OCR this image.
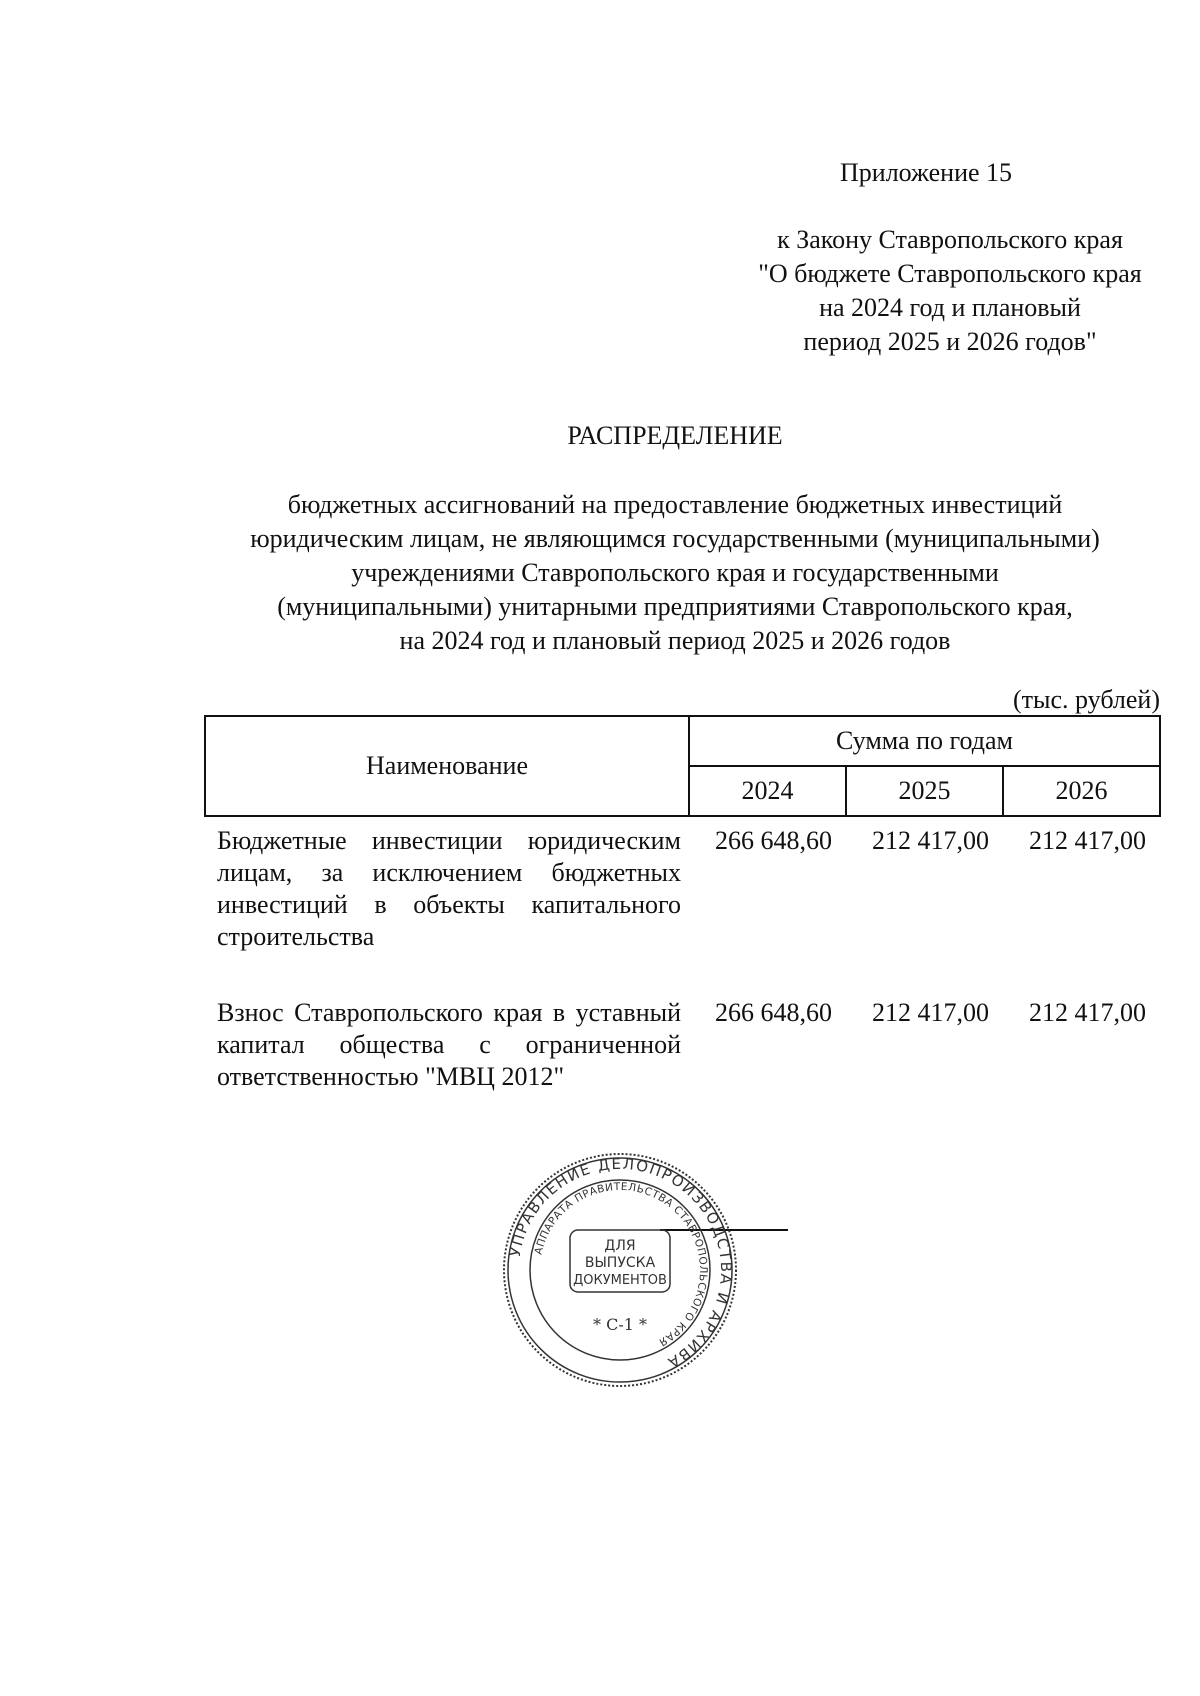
Приложение 15
к Закону Ставропольского края
"О бюджете Ставропольского края
на 2024 год и плановый
период 2025 и 2026 годов"
РАСПРЕДЕЛЕНИЕ
бюджетных ассигнований на предоставление бюджетных инвестиций
юридическим лицам, не являющимся государственными (муниципальными)
учреждениями Ставропольского края и государственными
(муниципальными) унитарными предприятиями Ставропольского края,
на 2024 год и плановый период 2025 и 2026 годов
(тыс. рублей)
Наименование	Сумма по годам		
	2024	2025	2026
Бюджетные инвестиции юридическим лицам, за исключением бюджетных инвестиций в объекты капитального строительства	266 648,60	212 417,00	212 417,00
Взнос Ставропольского края в уставный капитал общества с ограниченной ответственностью "МВЦ 2012"	266 648,60	212 417,00	212 417,00
УПРАВЛЕНИЕ ДЕЛОПРОИЗВОДСТВА И АРХИВА
АППАРАТА ПРАВИТЕЛЬСТВА СТАВРОПОЛЬСКОГО КРАЯ
ДЛЯ
ВЫПУСКА
ДОКУМЕНТОВ
* С-1 *
